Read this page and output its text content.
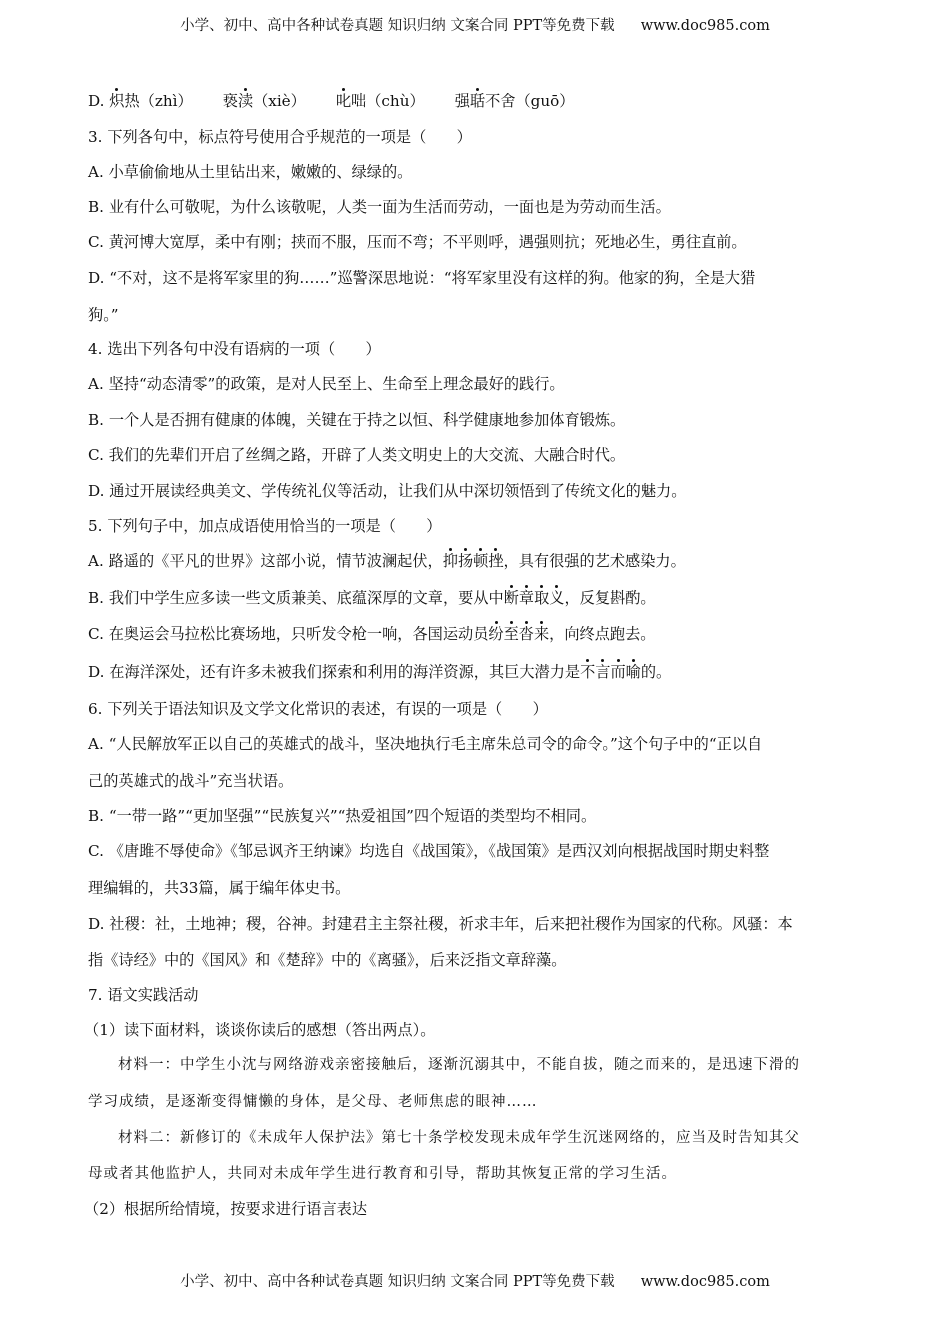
小学、初中、高中各种试卷真题 知识归纳 文案合同 PPT等免费下载 www.doc985.com
D. 炽热（zhì） 亵渎（xiè） 叱咄（chù） 强聒不舍（guō）
3. 下列各句中，标点符号使用合乎规范的一项是（　　）
A. 小草偷偷地从土里钻出来，嫩嫩的、绿绿的。
B. 业有什么可敬呢，为什么该敬呢，人类一面为生活而劳动，一面也是为劳动而生活。
C. 黄河博大宽厚，柔中有刚；挟而不服，压而不弯；不平则呼，遇强则抗；死地必生，勇往直前。
D. “不对，这不是将军家里的狗……”巡警深思地说：“将军家里没有这样的狗。他家的狗，全是大猎
狗。”
4. 选出下列各句中没有语病的一项（　　）
A. 坚持“动态清零”的政策，是对人民至上、生命至上理念最好的践行。
B. 一个人是否拥有健康的体魄，关键在于持之以恒、科学健康地参加体育锻炼。
C. 我们的先辈们开启了丝绸之路，开辟了人类文明史上的大交流、大融合时代。
D. 通过开展读经典美文、学传统礼仪等活动，让我们从中深切领悟到了传统文化的魅力。
5. 下列句子中，加点成语使用恰当的一项是（　　）
A. 路遥的《平凡的世界》这部小说，情节波澜起伏，抑扬顿挫，具有很强的艺术感染力。
B. 我们中学生应多读一些文质兼美、底蕴深厚的文章，要从中断章取义，反复斟酌。
C. 在奥运会马拉松比赛场地，只听发令枪一响，各国运动员纷至沓来，向终点跑去。
D. 在海洋深处，还有许多未被我们探索和利用的海洋资源，其巨大潜力是不言而喻的。
6. 下列关于语法知识及文学文化常识的表述，有误的一项是（　　）
A. “人民解放军正以自己的英雄式的战斗，坚决地执行毛主席朱总司令的命令。”这个句子中的“正以自
己的英雄式的战斗”充当状语。
B. “一带一路”“更加坚强”“民族复兴”“热爱祖国”四个短语的类型均不相同。
C. 《唐雎不辱使命》《邹忌讽齐王纳谏》均选自《战国策》，《战国策》是西汉刘向根据战国时期史料整
理编辑的，共33篇，属于编年体史书。
D. 社稷：社，土地神；稷，谷神。封建君主主祭社稷，祈求丰年，后来把社稷作为国家的代称。风骚：本
指《诗经》中的《国风》和《楚辞》中的《离骚》，后来泛指文章辞藻。
7. 语文实践活动
（1）读下面材料，谈谈你读后的感想（答出两点）。
材料一：中学生小沈与网络游戏亲密接触后，逐渐沉溺其中，不能自拔，随之而来的，是迅速下滑的
学习成绩，是逐渐变得慵懒的身体，是父母、老师焦虑的眼神……
材料二：新修订的《未成年人保护法》第七十条学校发现未成年学生沉迷网络的，应当及时告知其父
母或者其他监护人，共同对未成年学生进行教育和引导，帮助其恢复正常的学习生活。
（2）根据所给情境，按要求进行语言表达
小学、初中、高中各种试卷真题 知识归纳 文案合同 PPT等免费下载 www.doc985.com
